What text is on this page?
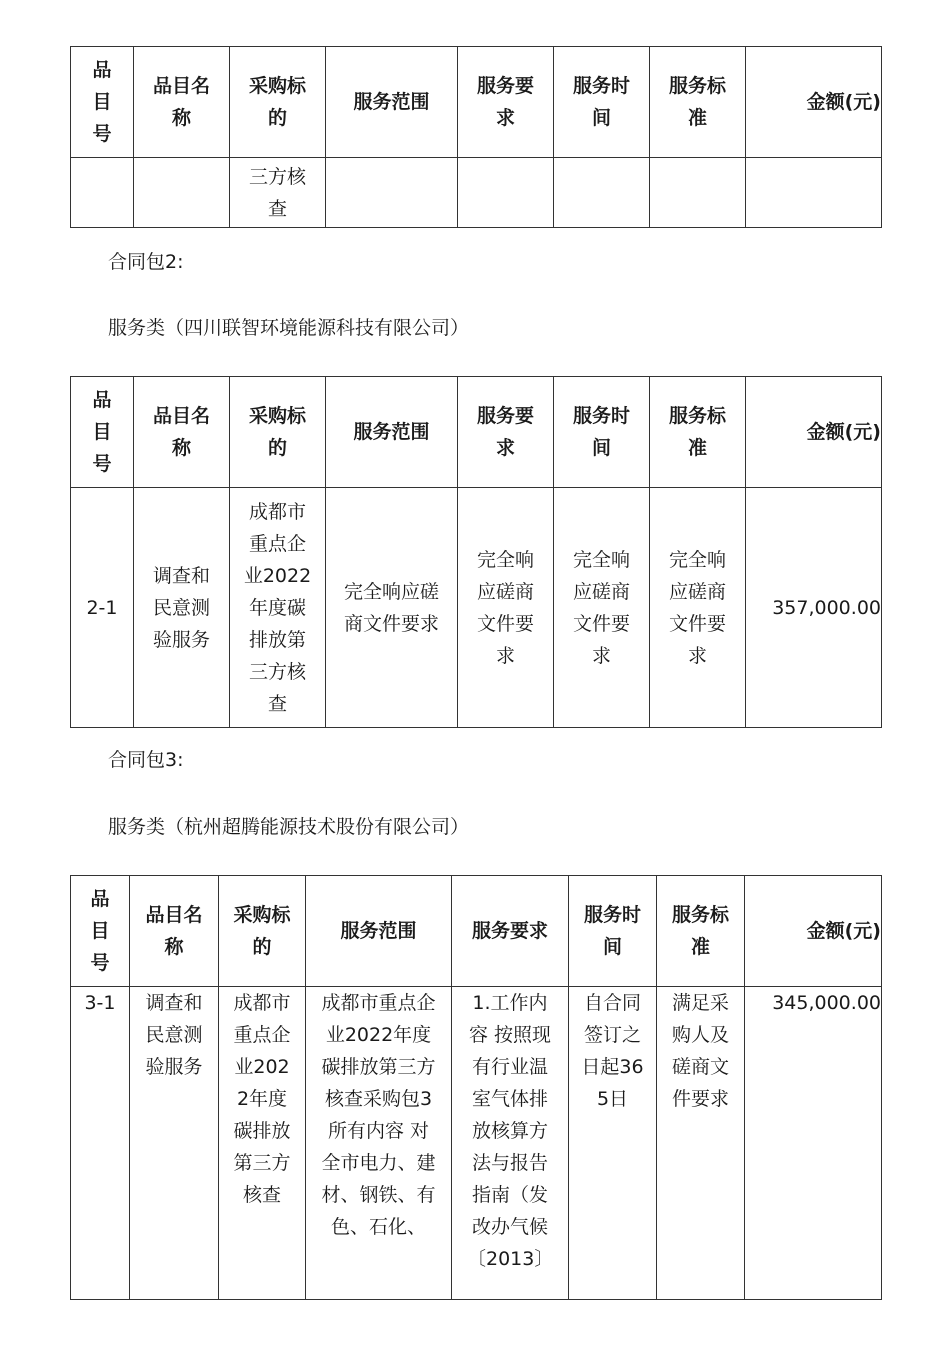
品目号	品目名称	采购标的	服务范围	服务要求	服务时间	服务标准	金额(元)

		三方核查					

合同包2:
服务类（四川联智环境能源科技有限公司）
品目号	品目名称	采购标的	服务范围	服务要求	服务时间	服务标准	金额(元)
2-1	调查和民意测验服务	成都市重点企业2022年度碳排放第三方核查	完全响应磋商文件要求	完全响应磋商文件要求	完全响应磋商文件要求	完全响应磋商文件要求	357,000.00
合同包3:
服务类（杭州超腾能源技术股份有限公司）
品目号	品目名称	采购标的	服务范围	服务要求	服务时间	服务标准	金额(元)
3-1	调查和民意测验服务	成都市重点企业2022年度碳排放第三方核查	成都市重点企业2022年度碳排放第三方核查采购包3所有内容 对全市电力、建材、钢铁、有色、石化、	1.工作内容 按照现有行业温室气体排放核算方法与报告指南（发改办气候〔2013〕	自合同签订之日起365日	满足采购人及磋商文件要求	345,000.00
